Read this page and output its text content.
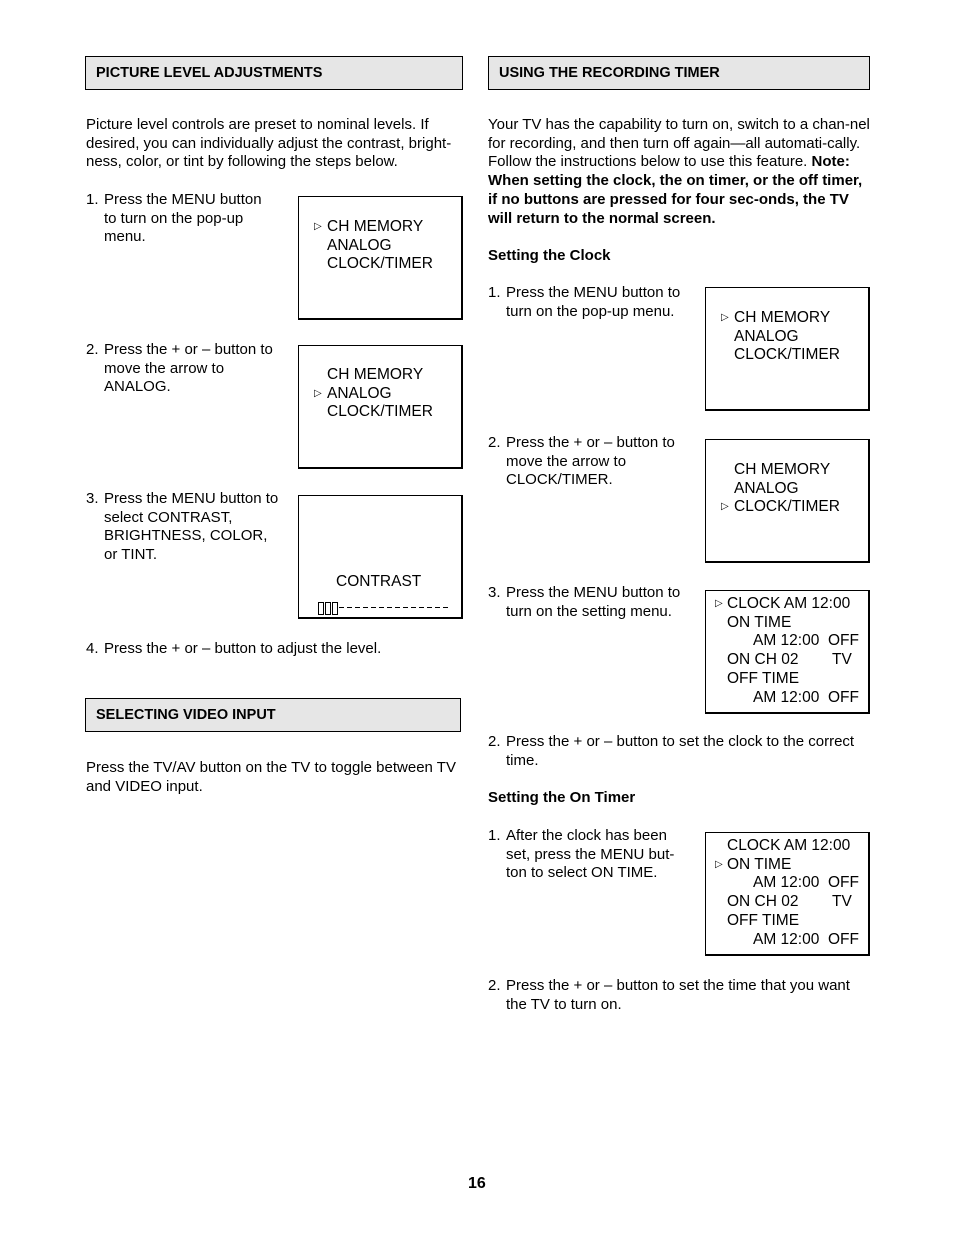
PICTURE LEVEL ADJUSTMENTS
Picture level controls are preset to nominal levels. If desired, you can individually adjust the contrast, bright-ness, color, or tint by following the steps below.
1. Press the MENU button to turn on the pop-up menu.
▷ CH MEMORY
ANALOG
CLOCK/TIMER
2. Press the + or – button to move the arrow to ANALOG.
CH MEMORY
▷ ANALOG
CLOCK/TIMER
3. Press the MENU button to select CONTRAST, BRIGHTNESS, COLOR, or TINT.
CONTRAST
4. Press the + or – button to adjust the level.
SELECTING VIDEO INPUT
Press the TV/AV button on the TV to toggle between TV and VIDEO input.
USING THE RECORDING TIMER
Your TV has the capability to turn on, switch to a chan-nel for recording, and then turn off again—all automati-cally. Follow the instructions below to use this feature. Note: When setting the clock, the on timer, or the off timer, if no buttons are pressed for four sec-onds, the TV will return to the normal screen.
Setting the Clock
1. Press the MENU button to turn on the pop-up menu.	▷ CH MEMORY
ANALOG
CLOCK/TIMER
2. Press the + or – button to move the arrow to CLOCK/TIMER.
CH MEMORY
ANALOG
▷ CLOCK/TIMER
3. Press the MENU button to turn on the setting menu.	▷ CLOCK AM 12:00
ON TIME
AM 12:00 OFF
ON CH 02 TV
OFF TIME
AM 12:00 OFF
2. Press the + or – button to set the clock to the correct time.
Setting the On Timer
1. After the clock has been set, press the MENU but-ton to select ON TIME.
CLOCK AM 12:00
▷ ON TIME
AM 12:00 OFF
ON CH 02 TV
OFF TIME
AM 12:00 OFF
2. Press the + or – button to set the time that you want the TV to turn on.
16
